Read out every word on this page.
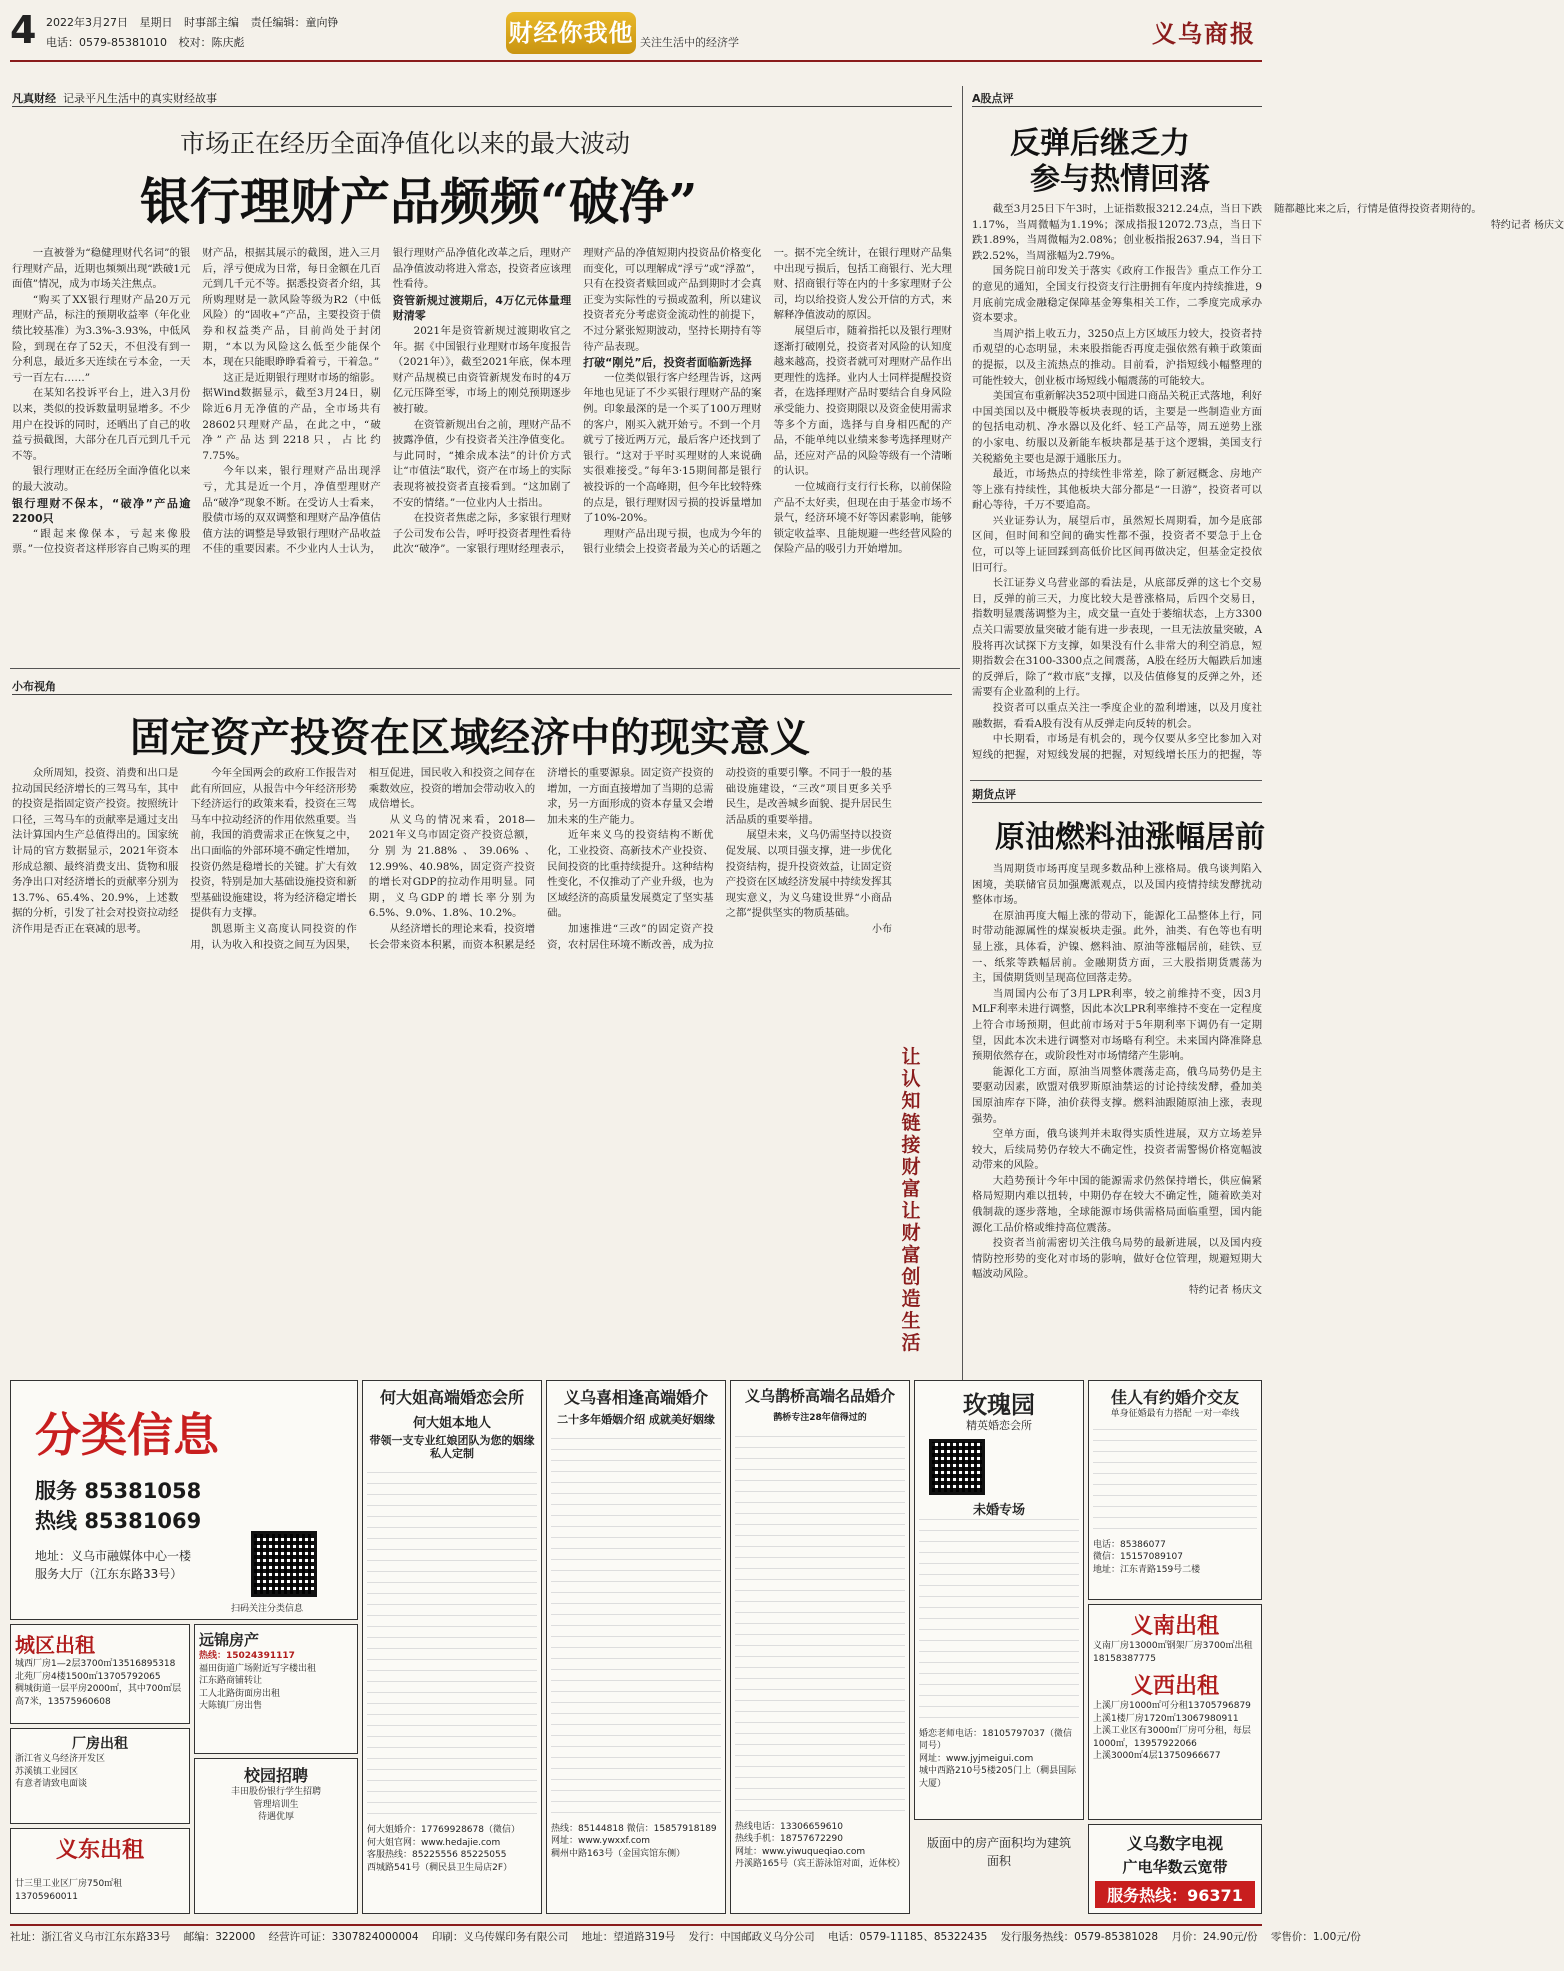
4 2022年3月27日 星期日 时事部主编 责任编辑：童向铮
电话：0579-85381010 校对：陈庆彪	财经你我他 关注生活中的经济学	义乌商报
凡真财经 记录平凡生活中的真实财经故事
市场正在经历全面净值化以来的最大波动
银行理财产品频频“破净”

一直被誉为“稳健理财代名词”的银行理财产品，近期也频频出现“跌破1元面值”情况，成为市场关注焦点。

“购买了XX银行理财产品20万元理财产品，标注的预期收益率（年化业绩比较基准）为3.3%-3.93%，中低风险，到现在存了52天，不但没有到一分利息，最近多天连续在亏本金，一天亏一百左右……”

在某知名投诉平台上，进入3月份以来，类似的投诉数量明显增多。不少用户在投诉的同时，还晒出了自己的收益亏损截图，大部分在几百元到几千元不等。

银行理财正在经历全面净值化以来的最大波动。

银行理财不保本，“破净”产品逾2200只

“跟起来像保本，亏起来像股票。”一位投资者这样形容自己购买的理财产品，根据其展示的截图，进入三月后，浮亏便成为日常，每日金额在几百元到几千元不等。据悉投资者介绍，其所购理财是一款风险等级为R2（中低风险）的“固收+”产品，主要投资于债券和权益类产品，目前尚处于封闭期，“本以为风险这么低至少能保个本，现在只能眼睁睁看着亏，干着急。”

这正是近期银行理财市场的缩影。据Wind数据显示，截至3月24日，剔除近6月无净值的产品，全市场共有28602只理财产品，在此之中，“破净”产品达到2218只，占比约7.75%。

今年以来，银行理财产品出现浮亏，尤其是近一个月，净值型理财产品“破净”现象不断。在受访人士看来，股债市场的双双调整和理财产品净值估值方法的调整是导致银行理财产品收益不佳的重要因素。不少业内人士认为，银行理财产品净值化改革之后，理财产品净值波动将进入常态，投资者应该理性看待。

资管新规过渡期后，4万亿元体量理财清零

2021年是资管新规过渡期收官之年。据《中国银行业理财市场年度报告（2021年）》，截至2021年底，保本理财产品规模已由资管新规发布时的4万亿元压降至零，市场上的刚兑预期逐步被打破。

在资管新规出台之前，理财产品不披露净值，少有投资者关注净值变化。与此同时，“摊余成本法”的计价方式让“市值法”取代，资产在市场上的实际表现将被投资者直接看到。“这加剧了不安的情绪。”一位业内人士指出。

在投资者焦虑之际，多家银行理财子公司发布公告，呼吁投资者理性看待此次“破净”。一家银行理财经理表示，理财产品的净值短期内投资品价格变化而变化，可以理解成“浮亏”或“浮盈”，只有在投资者赎回或产品到期时才会真正变为实际性的亏损或盈利，所以建议投资者充分考虑资金流动性的前提下，不过分紧张短期波动，坚持长期持有等待产品表现。

打破“刚兑”后，投资者面临新选择

一位类似银行客户经理告诉，这两年地也见证了不少买银行理财产品的案例。印象最深的是一个买了100万理财的客户，刚买入就开始亏。不到一个月就亏了接近两万元，最后客户还找到了银行。“这对于平时买理财的人来说确实很难接受。”每年3·15期间都是银行被投诉的一个高峰期，但今年比较特殊的点是，银行理财因亏损的投诉量增加了10%-20%。

理财产品出现亏损，也成为今年的银行业绩会上投资者最为关心的话题之一。据不完全统计，在银行理财产品集中出现亏损后，包括工商银行、光大理财、招商银行等在内的十多家理财子公司，均以给投资人发公开信的方式，来解释净值波动的原因。

展望后市，随着指托以及银行理财逐渐打破刚兑，投资者对风险的认知度越来越高，投资者就可对理财产品作出更理性的选择。业内人士同样提醒投资者，在选择理财产品时要结合自身风险承受能力、投资期限以及资金使用需求等多个方面，选择与自身相匹配的产品，不能单纯以业绩来参考选择理财产品，还应对产品的风险等级有一个清晰的认识。

一位城商行支行行长称，以前保险产品不太好卖，但现在由于基金市场不景气，经济环境不好等因素影响，能够锁定收益率、且能规避一些经营风险的保险产品的吸引力开始增加。

A股点评
反弹后继乏力
参与热情回落

截至3月25日下午3时，上证指数报3212.24点，当日下跌1.17%，当周微幅为1.19%；深成指报12072.73点，当日下跌1.89%，当周微幅为2.08%；创业板指报2637.94，当日下跌2.52%，当周涨幅为2.79%。

国务院日前印发关于落实《政府工作报告》重点工作分工的意见的通知，全国支行投资支行注册拥有年度内持续推进，9月底前完成金融稳定保障基金筹集相关工作，二季度完成承办资本要求。

当周沪指上收五力，3250点上方区域压力较大，投资者持币观望的心态明显，未来股指能否再度走强依然有赖于政策面的提振，以及主流热点的推动。目前看，沪指短线小幅整理的可能性较大，创业板市场短线小幅震荡的可能较大。

美国宣布重新解决352项中国进口商品关税正式落地，利好中国美国以及中概股等板块表现的话，主要是一些制造业方面的包括电动机、净水器以及化纤、轻工产品等，周五逆势上涨的小家电、纺服以及新能车板块都是基于这个逻辑，美国支行关税豁免主要也是源于通胀压力。

最近，市场热点的持续性非常差，除了新冠概念、房地产等上涨有持续性，其他板块大部分都是“一日游”，投资者可以耐心等待，千万不要追高。

兴业证券认为，展望后市，虽然短长周期看，加今是底部区间，但时间和空间的确实性都不强，投资者不要急于上仓位，可以等上证回踩到高低价比区间再做决定，但基金定投依旧可行。

长江证券义乌营业部的看法是，从底部反弹的这七个交易日，反弹的前三天，力度比较大是普涨格局，后四个交易日，指数明显震荡调整为主，成交量一直处于萎缩状态，上方3300点关口需要放量突破才能有进一步表现，一旦无法放量突破，A股将再次试探下方支撑，如果没有什么非常大的利空消息，短期指数会在3100-3300点之间震荡，A股在经历大幅跌后加速的反弹后，除了“救市底”支撑，以及估值修复的反弹之外，还需要有企业盈利的上行。

投资者可以重点关注一季度企业的盈利增速，以及月度社融数据，看看A股有没有从反弹走向反转的机会。

中长期看，市场是有机会的，现今仅要从多空比参加入对短线的把握，对短线发展的把握，对短线增长压力的把握，等随都趣比来之后，行情是值得投资者期待的。

特约记者 杨庆文

小布视角
固定资产投资在区域经济中的现实意义

众所周知，投资、消费和出口是拉动国民经济增长的三驾马车，其中的投资是指固定资产投资。按照统计口径，三驾马车的贡献率是通过支出法计算国内生产总值得出的。国家统计局的官方数据显示，2021年资本形成总额、最终消费支出、货物和服务净出口对经济增长的贡献率分别为13.7%、65.4%、20.9%，上述数据的分析，引发了社会对投资拉动经济作用是否正在衰减的思考。

今年全国两会的政府工作报告对此有所回应，从报告中今年经济形势下经济运行的政策来看，投资在三驾马车中拉动经济的作用依然重要。当前，我国的消费需求正在恢复之中，出口面临的外部环境不确定性增加，投资仍然是稳增长的关键。扩大有效投资，特别是加大基础设施投资和新型基础设施建设，将为经济稳定增长提供有力支撑。

凯恩斯主义高度认同投资的作用，认为收入和投资之间互为因果，相互促进，国民收入和投资之间存在乘数效应，投资的增加会带动收入的成倍增长。

从义乌的情况来看，2018—2021年义乌市固定资产投资总额，分别为21.88%、39.06%、12.99%、40.98%，固定资产投资的增长对GDP的拉动作用明显。同期，义乌GDP的增长率分别为6.5%、9.0%、1.8%、10.2%。

从经济增长的理论来看，投资增长会带来资本积累，而资本积累是经济增长的重要源泉。固定资产投资的增加，一方面直接增加了当期的总需求，另一方面形成的资本存量又会增加未来的生产能力。

近年来义乌的投资结构不断优化，工业投资、高新技术产业投资、民间投资的比重持续提升。这种结构性变化，不仅推动了产业升级，也为区域经济的高质量发展奠定了坚实基础。

加速推进“三改”的固定资产投资，农村居住环境不断改善，成为拉动投资的重要引擎。不同于一般的基础设施建设，“三改”项目更多关乎民生，是改善城乡面貌、提升居民生活品质的重要举措。

展望未来，义乌仍需坚持以投资促发展、以项目强支撑，进一步优化投资结构，提升投资效益，让固定资产投资在区域经济发展中持续发挥其现实意义，为义乌建设世界“小商品之都”提供坚实的物质基础。

小布

让认知链接财富 让财富创造生活
期货点评
原油燃料油涨幅居前

当周期货市场再度呈现多数品种上涨格局。俄乌谈判陷入困境，美联储官员加强鹰派观点，以及国内疫情持续发酵扰动整体市场。

在原油再度大幅上涨的带动下，能源化工品整体上行，同时带动能源属性的煤炭板块走强。此外，油类、有色等也有明显上涨，具体看，沪镍、燃料油、原油等涨幅居前，硅铁、豆一、纸浆等跌幅居前。金融期货方面，三大股指期货震荡为主，国债期货则呈现高位回落走势。

当周国内公布了3月LPR利率，较之前维持不变，因3月MLF利率未进行调整，因此本次LPR利率维持不变在一定程度上符合市场预期，但此前市场对于5年期利率下调仍有一定期望，因此本次未进行调整对市场略有利空。未来国内降准降息预期依然存在，或阶段性对市场情绪产生影响。

能源化工方面，原油当周整体震荡走高，俄乌局势仍是主要驱动因素，欧盟对俄罗斯原油禁运的讨论持续发酵，叠加美国原油库存下降，油价获得支撑。燃料油跟随原油上涨，表现强势。

空单方面，俄乌谈判并未取得实质性进展，双方立场差异较大，后续局势仍存较大不确定性，投资者需警惕价格宽幅波动带来的风险。

大趋势预计今年中国的能源需求仍然保持增长，供应偏紧格局短期内难以扭转，中期仍存在较大不确定性，随着欧美对俄制裁的逐步落地，全球能源市场供需格局面临重塑，国内能源化工品价格或维持高位震荡。

投资者当前需密切关注俄乌局势的最新进展，以及国内疫情防控形势的变化对市场的影响，做好仓位管理，规避短期大幅波动风险。

特约记者 杨庆文

分类信息
服务 85381058
热线 85381069
地址：义乌市融媒体中心一楼
服务大厅（江东东路33号）
扫码关注分类信息
城区出租
城西厂房1—2层3700㎡13516895318
北苑厂房4楼1500㎡13705792065
稠城街道一层平房2000㎡，其中700㎡层高7米，13575960608
厂房出租
浙江省义乌经济开发区
苏溪镇工业园区
有意者请致电面谈
义东出租
廿三里工业区厂房750㎡租13705960011
远锦房产
热线：15024391117
福田街道广场附近写字楼出租
江东路商铺转让
工人北路街面房出租
大陈镇厂房出售
校园招聘
丰田股份银行学生招聘
管理培训生
待遇优厚
何大姐高端婚恋会所
何大姐本地人
带领一支专业红娘团队为您的姻缘私人定制
何大姐婚介：17769928678（微信）
何大姐官网：www.hedajie.com
客服热线：85225556 85225055
西城路541号（稠民县卫生局店2F）
义乌喜相逢高端婚介
二十多年婚姻介绍 成就美好姻缘
热线：85144818 微信：15857918189
网址：www.ywxxf.com
稠州中路163号（金国宾馆东侧）
义乌鹊桥高端名品婚介
鹊桥专注28年信得过的
热线电话：13306659610
热线手机：18757672290
网址：www.yiwuqueqiao.com
丹溪路165号（宾王游泳馆对面，近体校）
玫瑰园
精英婚恋会所
未婚专场
婚恋老师电话：18105797037（微信同号）
网址：www.jyjmeigui.com
城中西路210号5楼205门上（稠县国际大厦）
版面中的房产面积均为建筑面积
佳人有约婚介交友
单身征婚最有力搭配 一对一牵线
电话：85386077
微信：15157089107
地址：江东青路159号二楼
义南出租
义南厂房13000㎡钢架厂房3700㎡出租 18158387775
义西出租
上溪厂房1000㎡可分租13705796879
上溪1楼厂房1720㎡13067980911
上溪工业区有3000㎡厂房可分租，每层1000㎡，13957922066
上溪3000㎡4层13750966677
义乌数字电视
广电华数云宽带
服务热线：96371
社址：浙江省义乌市江东东路33号 邮编：322000 经营许可证：3307824000004 印刷：义乌传媒印务有限公司 地址：望道路319号 发行：中国邮政义乌分公司 电话：0579-11185、85322435 发行服务热线：0579-85381028 月价：24.90元/份 零售价：1.00元/份
